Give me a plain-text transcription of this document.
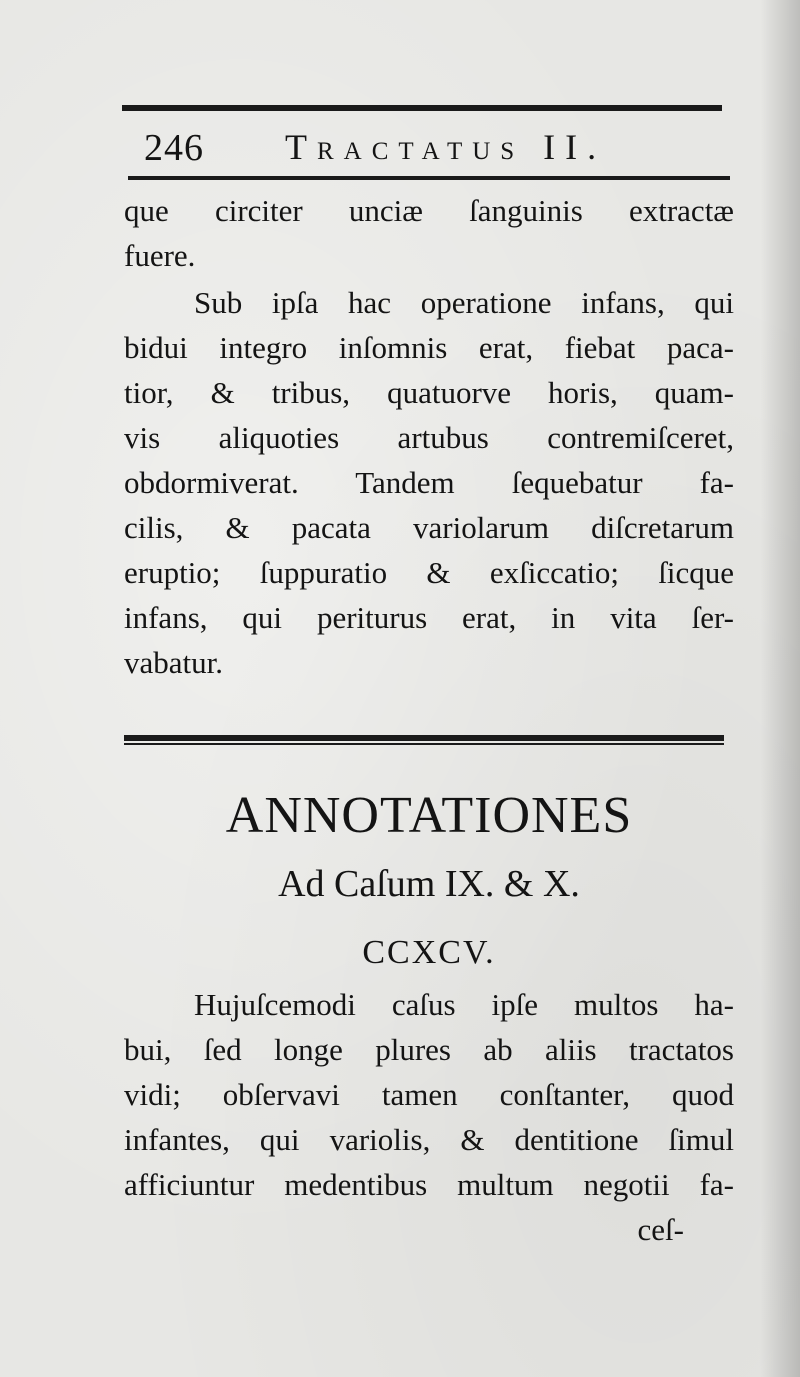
246 Tractatus II.
que circiter unciæ ſanguinis extractæ
fuere.
Sub ipſa hac operatione infans, qui
bidui integro inſomnis erat, fiebat paca-
tior, & tribus, quatuorve horis, quam-
vis aliquoties artubus contremiſceret,
obdormiverat. Tandem ſequebatur fa-
cilis, & pacata variolarum diſcretarum
eruptio; ſuppuratio & exſiccatio; ſicque
infans, qui periturus erat, in vita ſer-
vabatur.
ANNOTATIONES
Ad Caſum IX. & X.
CCXCV.
Hujuſcemodi caſus ipſe multos ha-
bui, ſed longe plures ab aliis tractatos
vidi; obſervavi tamen conſtanter, quod
infantes, qui variolis, & dentitione ſimul
afficiuntur medentibus multum negotii fa-
ceſ-
